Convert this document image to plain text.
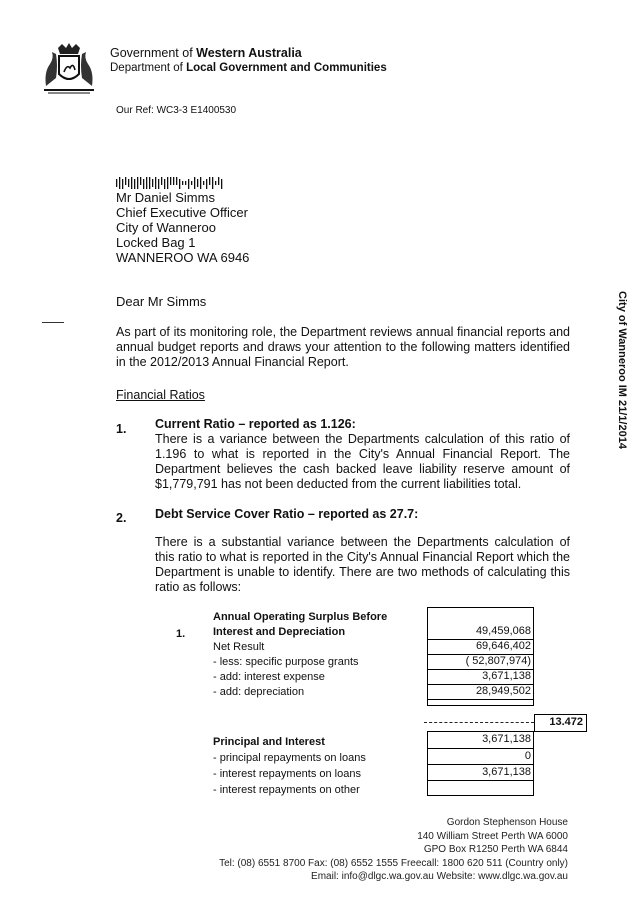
Government of Western Australia
Department of Local Government and Communities
Our Ref: WC3-3 E1400530
Mr Daniel Simms
Chief Executive Officer
City of Wanneroo
Locked Bag 1
WANNEROO WA 6946
Dear Mr Simms
As part of its monitoring role, the Department reviews annual financial reports and annual budget reports and draws your attention to the following matters identified in the 2012/2013 Annual Financial Report.
Financial Ratios
1. Current Ratio – reported as 1.126:
There is a variance between the Departments calculation of this ratio of 1.196 to what is reported in the City's Annual Financial Report. The Department believes the cash backed leave liability reserve amount of $1,779,791 has not been deducted from the current liabilities total.
2. Debt Service Cover Ratio – reported as 27.7:
There is a substantial variance between the Departments calculation of this ratio to what is reported in the City's Annual Financial Report which the Department is unable to identify. There are two methods of calculating this ratio as follows:
Annual Operating Surplus Before
1.	Interest and Depreciation	49,459,068
Net Result	69,646,402
- less: specific purpose grants	( 52,807,974)
- add: interest expense	3,671,138
- add: depreciation	28,949,502
13.472
Principal and Interest	3,671,138
- principal repayments on loans	0
- interest repayments on loans	3,671,138
- interest repayments on other
Gordon Stephenson House
140 William Street Perth WA 6000
GPO Box R1250 Perth WA 6844
Tel: (08) 6551 8700 Fax: (08) 6552 1555 Freecall: 1800 620 511 (Country only)
Email: info@dlgc.wa.gov.au Website: www.dlgc.wa.gov.au
City of Wanneroo IM 21/1/2014
